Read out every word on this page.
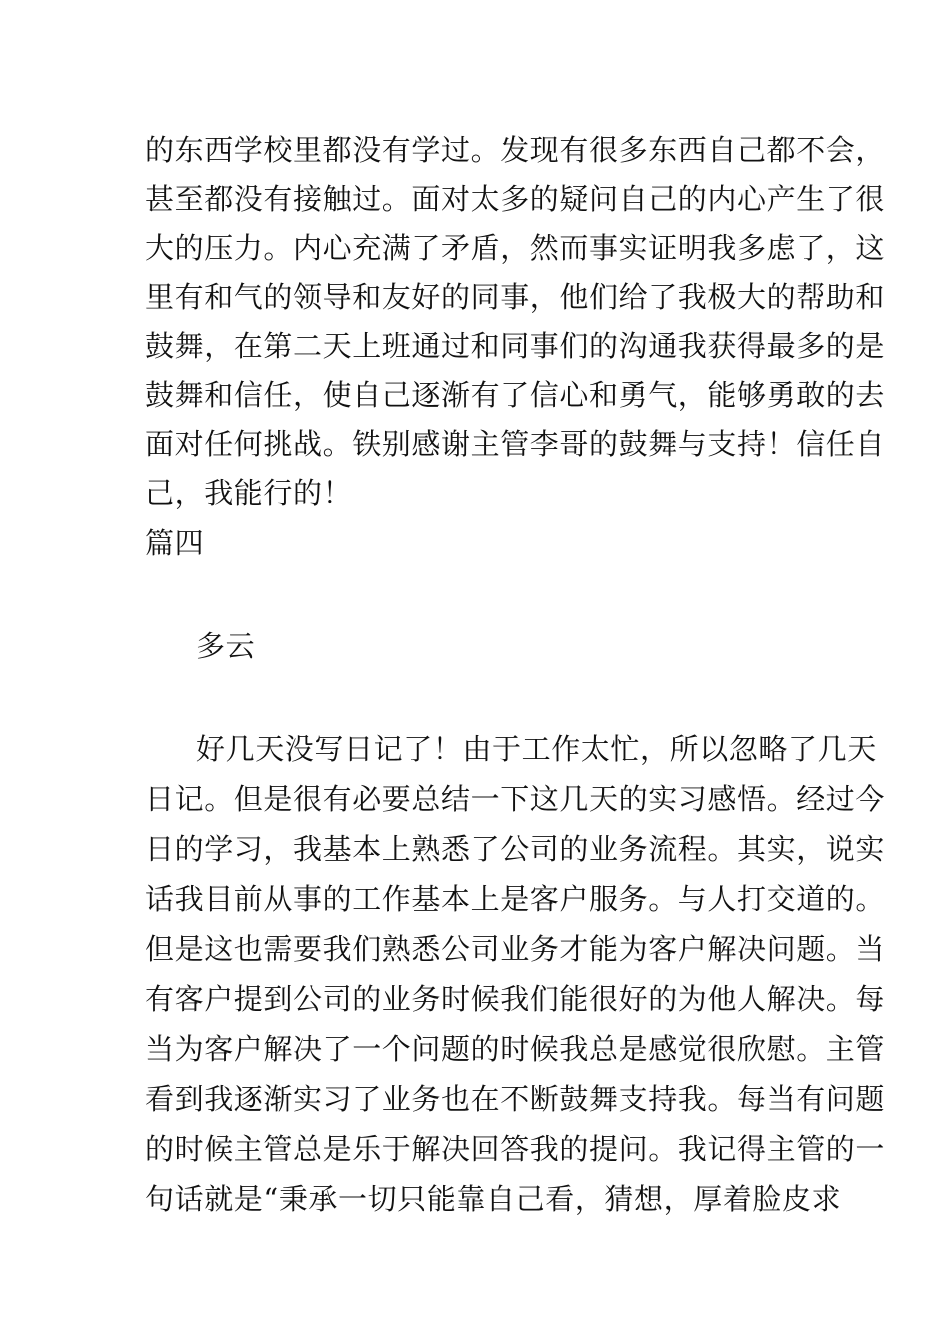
的东西学校里都没有学过。发现有很多东西自己都不会，
甚至都没有接触过。面对太多的疑问自己的内心产生了很
大的压力。内心充满了矛盾，然而事实证明我多虑了，这
里有和气的领导和友好的同事，他们给了我极大的帮助和
鼓舞，在第二天上班通过和同事们的沟通我获得最多的是
鼓舞和信任，使自己逐渐有了信心和勇气，能够勇敢的去
面对任何挑战。铁别感谢主管李哥的鼓舞与支持！信任自
己，我能行的！
篇四
多云
好几天没写日记了！由于工作太忙，所以忽略了几天
日记。但是很有必要总结一下这几天的实习感悟。经过今
日的学习，我基本上熟悉了公司的业务流程。其实，说实
话我目前从事的工作基本上是客户服务。与人打交道的。
但是这也需要我们熟悉公司业务才能为客户解决问题。当
有客户提到公司的业务时候我们能很好的为他人解决。每
当为客户解决了一个问题的时候我总是感觉很欣慰。主管
看到我逐渐实习了业务也在不断鼓舞支持我。每当有问题
的时候主管总是乐于解决回答我的提问。我记得主管的一
句话就是“秉承一切只能靠自己看，猜想，厚着脸皮求
